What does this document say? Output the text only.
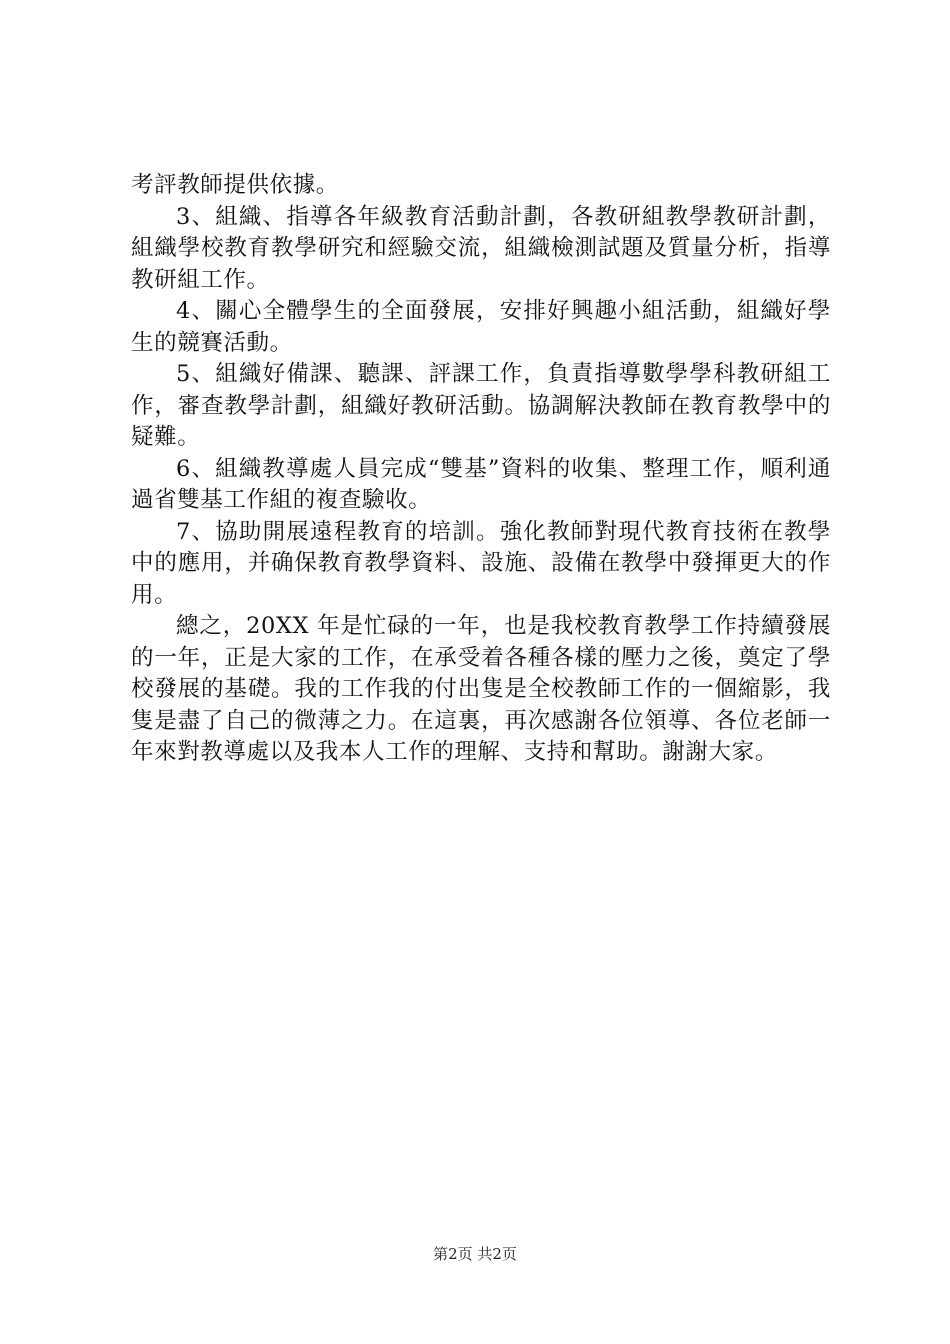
考評教師提供依據。

3、組織、指導各年級教育活動計劃，各教研組教學教研計劃，組織學校教育教學研究和經驗交流，組織檢測試題及質量分析，指導教研組工作。

4、關心全體學生的全面發展，安排好興趣小組活動，組織好學生的競賽活動。

5、組織好備課、聽課、評課工作，負責指導數學學科教研組工作，審查教學計劃，組織好教研活動。協調解決教師在教育教學中的疑難。

6、組織教導處人員完成“雙基”資料的收集、整理工作，順利通過省雙基工作組的複查驗收。

7、協助開展遠程教育的培訓。強化教師對現代教育技術在教學中的應用，并确保教育教學資料、設施、設備在教學中發揮更大的作用。

總之，20XX 年是忙碌的一年，也是我校教育教學工作持續發展的一年，正是大家的工作，在承受着各種各樣的壓力之後，奠定了學校發展的基礎。我的工作我的付出隻是全校教師工作的一個縮影，我隻是盡了自己的微薄之力。在這裏，再次感謝各位領導、各位老師一年來對教導處以及我本人工作的理解、支持和幫助。謝謝大家。

第2页 共2页
